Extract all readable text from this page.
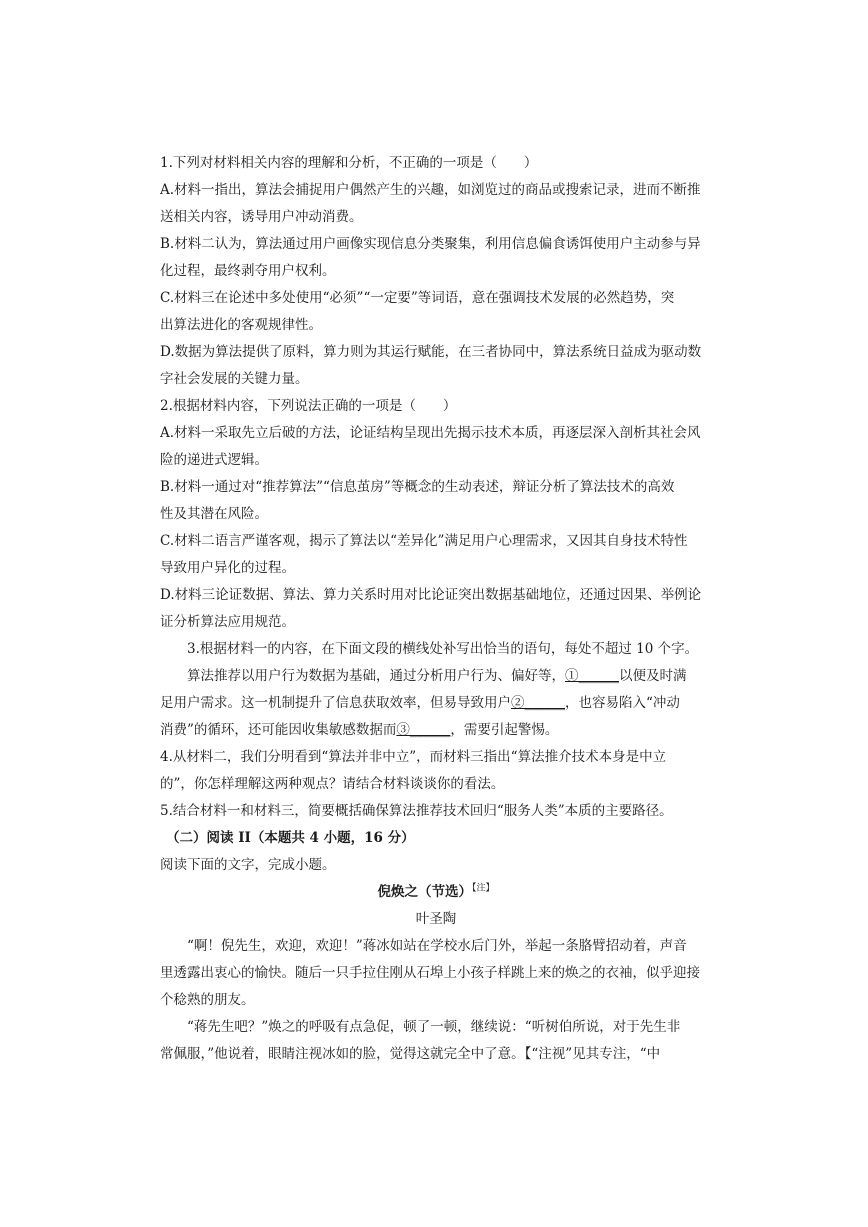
1.下列对材料相关内容的理解和分析，不正确的一项是（　　）
A.材料一指出，算法会捕捉用户偶然产生的兴趣，如浏览过的商品或搜索记录，进而不断推
送相关内容，诱导用户冲动消费。
B.材料二认为，算法通过用户画像实现信息分类聚集，利用信息偏食诱饵使用户主动参与异
化过程，最终剥夺用户权利。
C.材料三在论述中多处使用“必须”“一定要”等词语，意在强调技术发展的必然趋势，突
出算法进化的客观规律性。
D.数据为算法提供了原料，算力则为其运行赋能，在三者协同中，算法系统日益成为驱动数
字社会发展的关键力量。
2.根据材料内容，下列说法正确的一项是（　　）
A.材料一采取先立后破的方法，论证结构呈现出先揭示技术本质，再逐层深入剖析其社会风
险的递进式逻辑。
B.材料一通过对“推荐算法”“信息茧房”等概念的生动表述，辩证分析了算法技术的高效
性及其潜在风险。
C.材料二语言严谨客观，揭示了算法以“差异化”满足用户心理需求，又因其自身技术特性
导致用户异化的过程。
D.材料三论证数据、算法、算力关系时用对比论证突出数据基础地位，还通过因果、举例论
证分析算法应用规范。
3.根据材料一的内容，在下面文段的横线处补写出恰当的语句，每处不超过 10 个字。
算法推荐以用户行为数据为基础，通过分析用户行为、偏好等，①______以便及时满
足用户需求。这一机制提升了信息获取效率，但易导致用户②______，也容易陷入“冲动
消费”的循环，还可能因收集敏感数据而③______，需要引起警惕。
4.从材料二，我们分明看到“算法并非中立”，而材料三指出“算法推介技术本身是中立
的”，你怎样理解这两种观点？请结合材料谈谈你的看法。
5.结合材料一和材料三，简要概括确保算法推荐技术回归“服务人类”本质的主要路径。
（二）阅读 II（本题共 4 小题，16 分）
阅读下面的文字，完成小题。
倪焕之（节选）$^{【注】}$
叶圣陶
“啊！倪先生，欢迎，欢迎！”蒋冰如站在学校水后门外，举起一条胳臂招动着，声音
里透露出衷心的愉快。随后一只手拉住刚从石埠上小孩子样跳上来的焕之的衣袖，似乎迎接
个稔熟的朋友。
“蒋先生吧？”焕之的呼吸有点急促，顿了一顿，继续说：“听树伯所说，对于先生非
常佩服，”他说着，眼睛注视冰如的脸，觉得这就完全中了意。【“注视”见其专注，“中
